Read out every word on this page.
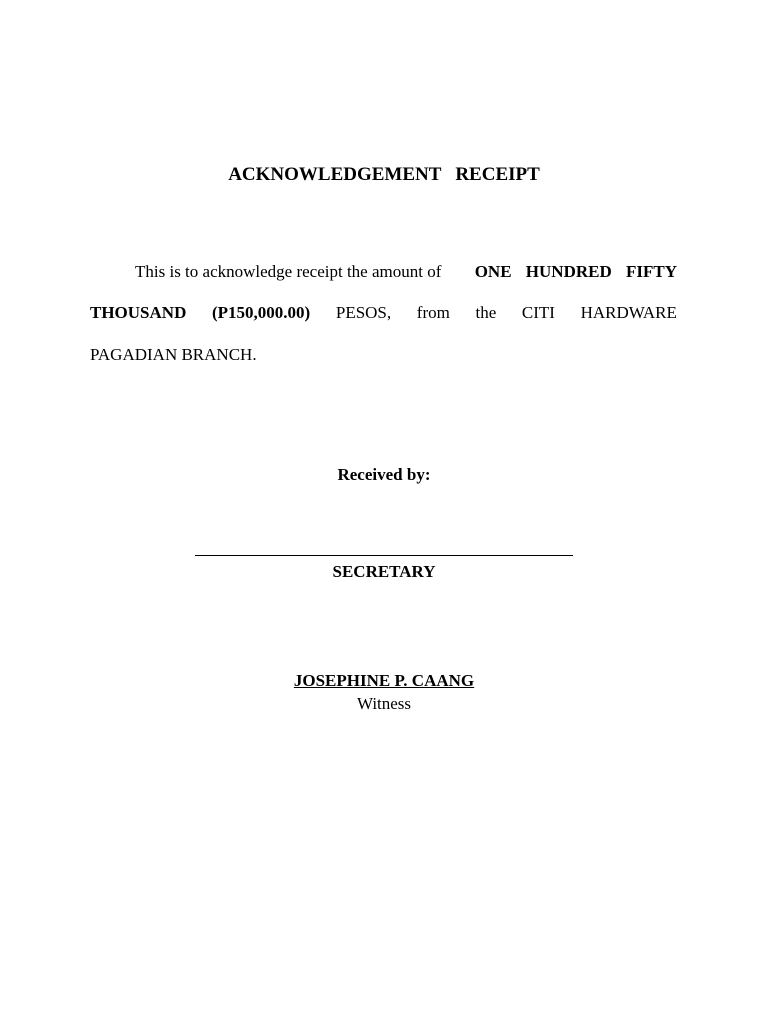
ACKNOWLEDGEMENT   RECEIPT
This is to acknowledge receipt the amount of ONE HUNDRED FIFTY
THOUSAND (P150,000.00) PESOS, from the CITI HARDWARE
PAGADIAN BRANCH.
Received by:
SECRETARY
JOSEPHINE P. CAANG
Witness
